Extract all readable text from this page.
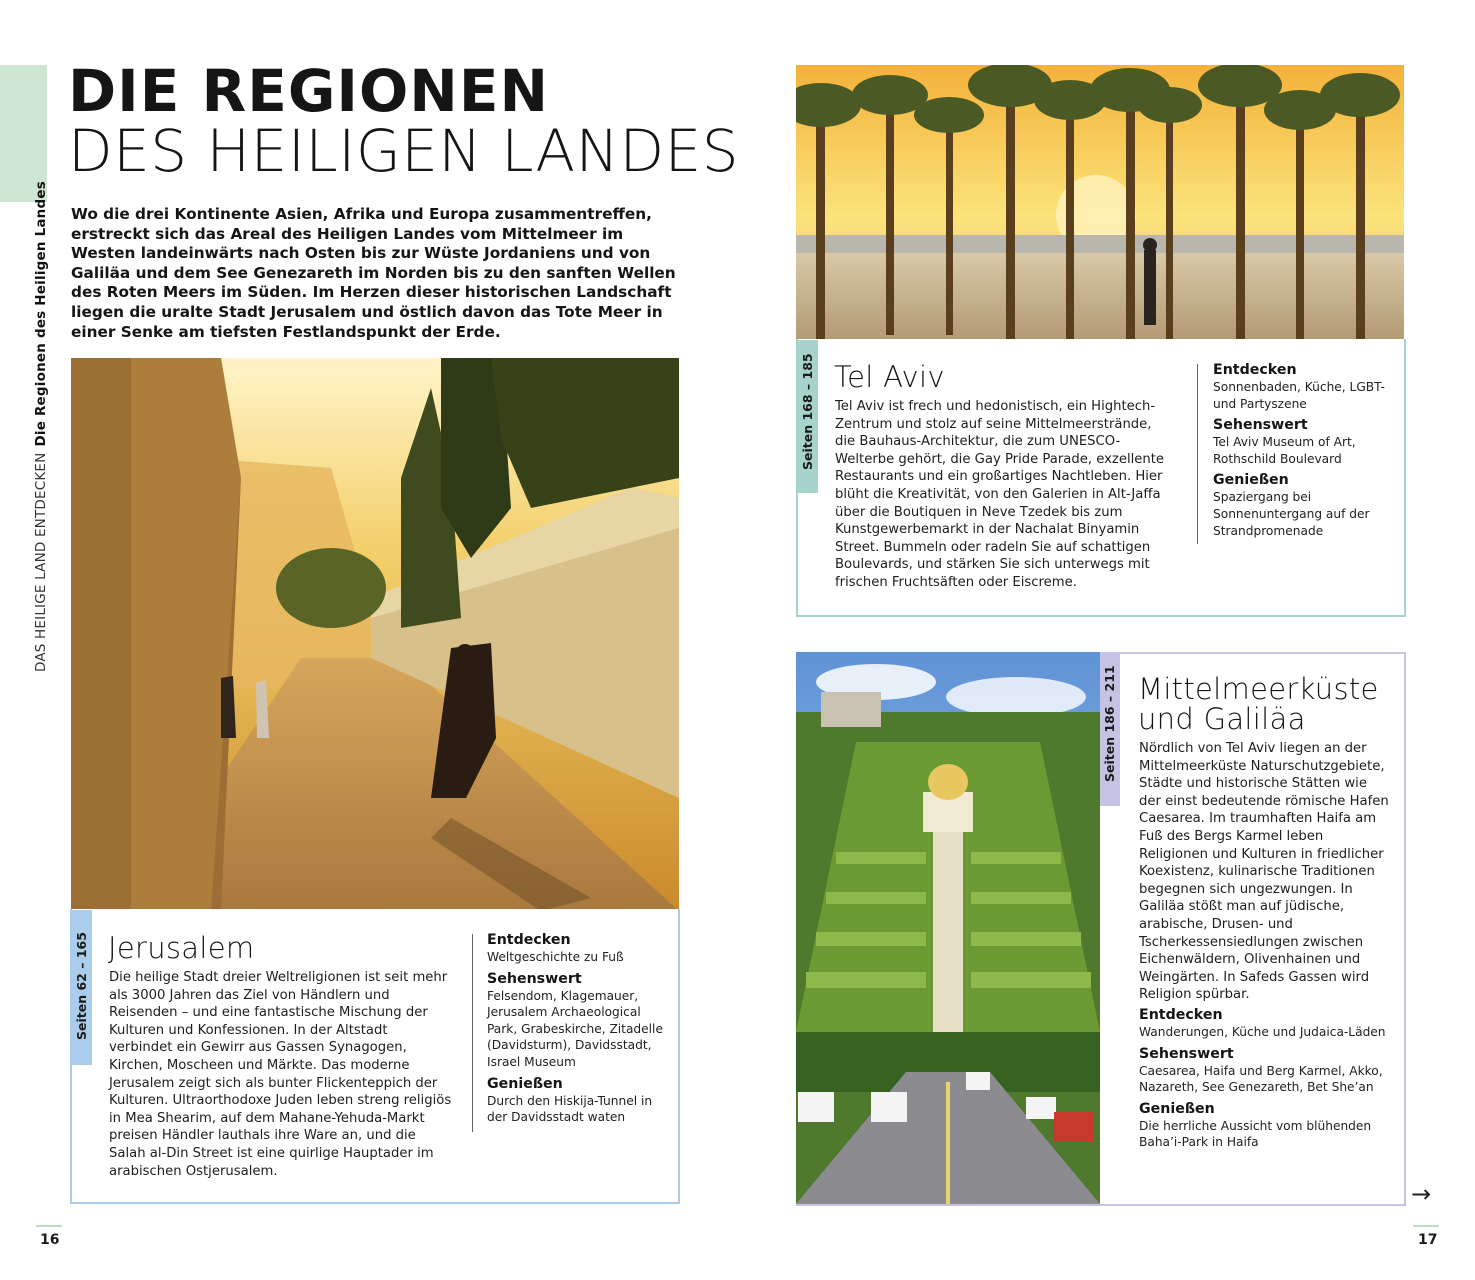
DAS HEILIGE LAND ENTDECKENDie Regionen des Heiligen Landes
DIE REGIONEN
DES HEILIGEN LANDES
Wo die drei Kontinente Asien, Afrika und Europa zusammentreffen, erstreckt sich das Areal des Heiligen Landes vom Mittelmeer im Westen landeinwärts nach Osten bis zur Wüste Jordaniens und von Galiläa und dem See Genezareth im Norden bis zu den sanften Wellen des Roten Meers im Süden. Im Herzen dieser historischen Landschaft liegen die uralte Stadt Jerusalem und östlich davon das Tote Meer in einer Senke am tiefsten Festlandspunkt der Erde.
Seiten 62 – 165 Jerusalem
Die heilige Stadt dreier Weltreligionen ist seit mehr als 3000 Jahren das Ziel von Händlern und Reisenden – und eine fantastische Mischung der Kulturen und Konfessionen. In der Altstadt verbindet ein Gewirr aus Gassen Synagogen, Kirchen, Moscheen und Märkte. Das moderne Jerusalem zeigt sich als bunter Flickenteppich der Kulturen. Ultraorthodoxe Juden leben streng religiös in Mea Shearim, auf dem Mahane-Yehuda-Markt preisen Händler lauthals ihre Ware an, und die Salah al-Din Street ist eine quirlige Hauptader im arabischen Ostjerusalem.
Entdecken

Weltgeschichte zu Fuß

Sehenswert

Felsendom, Klagemauer, Jerusalem Archaeological Park, Grabeskirche, Zitadelle (Davidsturm), Davidsstadt, Israel Museum

Genießen

Durch den Hiskija-Tunnel in der Davidsstadt waten

16
Seiten 168 – 185 Tel Aviv
Tel Aviv ist frech und hedonistisch, ein Hightech-Zentrum und stolz auf seine Mittelmeerstrände, die Bauhaus-Architektur, die zum UNESCO-Welterbe gehört, die Gay Pride Parade, exzellente Restaurants und ein großartiges Nachtleben. Hier blüht die Kreativität, von den Galerien in Alt-Jaffa über die Boutiquen in Neve Tzedek bis zum Kunstgewerbemarkt in der Nachalat Binyamin Street. Bummeln oder radeln Sie auf schattigen Boulevards, und stärken Sie sich unterwegs mit frischen Fruchtsäften oder Eiscreme.
Entdecken

Sonnenbaden, Küche, LGBT- und Partyszene

Sehenswert

Tel Aviv Museum of Art, Rothschild Boulevard

Genießen

Spaziergang bei Sonnenuntergang auf der Strandpromenade

Seiten 186 – 211 Mittelmeerküste
und Galiläa
Nördlich von Tel Aviv liegen an der Mittelmeerküste Naturschutzgebiete, Städte und historische Stätten wie der einst bedeutende römische Hafen Caesarea. Im traumhaften Haifa am Fuß des Bergs Karmel leben Religionen und Kulturen in friedlicher Koexistenz, kulinarische Traditionen begegnen sich ungezwungen. In Galiläa stößt man auf jüdische, arabische, Drusen- und Tscherkessensiedlungen zwischen Eichenwäldern, Olivenhainen und Weingärten. In Safeds Gassen wird Religion spürbar.
Entdecken

Wanderungen, Küche und Judaica-Läden

Sehenswert

Caesarea, Haifa und Berg Karmel, Akko, Nazareth, See Genezareth, Bet She’an

Genießen

Die herrliche Aussicht vom blühenden Baha’i-Park in Haifa

→
17
